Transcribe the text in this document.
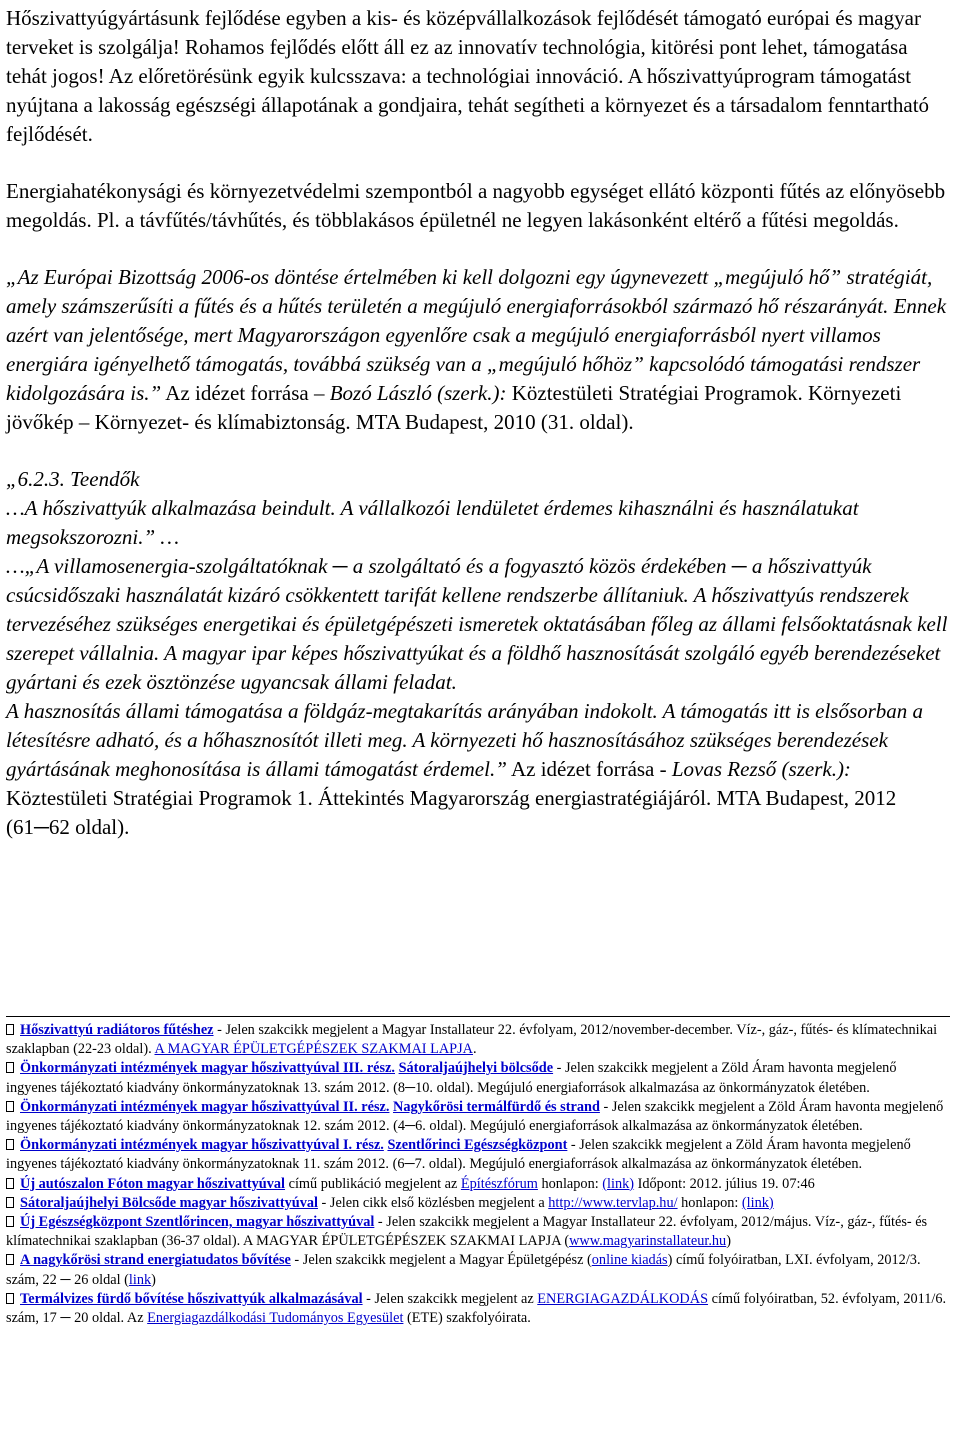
Hőszivattyúgyártásunk fejlődése egyben a kis- és középvállalkozások fejlődését támogató európai és magyar terveket is szolgálja! Rohamos fejlődés előtt áll ez az innovatív technológia, kitörési pont lehet, támogatása tehát jogos! Az előretörésünk egyik kulcsszava: a technológiai innováció. A hőszivattyúprogram támogatást nyújtana a lakosság egészségi állapotának a gondjaira, tehát segítheti a környezet és a társadalom fenntartható fejlődését.

Energiahatékonysági és környezetvédelmi szempontból a nagyobb egységet ellátó központi fűtés az előnyösebb megoldás. Pl. a távfűtés/távhűtés, és többlakásos épületnél ne legyen lakásonként eltérő a fűtési megoldás.

„Az Európai Bizottság 2006-os döntése értelmében ki kell dolgozni egy úgynevezett „megújuló hő” stratégiát, amely számszerűsíti a fűtés és a hűtés területén a megújuló energiaforrásokból származó hő részarányát. Ennek azért van jelentősége, mert Magyarországon egyenlőre csak a megújuló energiaforrásból nyert villamos energiára igényelhető támogatás, továbbá szükség van a „megújuló hőhöz” kapcsolódó támogatási rendszer kidolgozására is.” Az idézet forrása – Bozó László (szerk.): Köztestületi Stratégiai Programok. Környezeti jövőkép – Környezet- és klímabiztonság. MTA Budapest, 2010 (31. oldal).

„6.2.3. Teendők

…A hőszivattyúk alkalmazása beindult. A vállalkozói lendületet érdemes kihasználni és használatukat megsokszorozni.” …

…„A villamosenergia-szolgáltatóknak ─ a szolgáltató és a fogyasztó közös érdekében ─ a hőszivattyúk csúcsidőszaki használatát kizáró csökkentett tarifát kellene rendszerbe állítaniuk. A hőszivattyús rendszerek tervezéséhez szükséges energetikai és épületgépészeti ismeretek oktatásában főleg az állami felsőoktatásnak kell szerepet vállalnia. A magyar ipar képes hőszivattyúkat és a földhő hasznosítását szolgáló egyéb berendezéseket gyártani és ezek ösztönzése ugyancsak állami feladat.

A hasznosítás állami támogatása a földgáz-megtakarítás arányában indokolt. A támogatás itt is elsősorban a létesítésre adható, és a hőhasznosítót illeti meg. A környezeti hő hasznosításához szükséges berendezések gyártásának meghonosítása is állami támogatást érdemel.” Az idézet forrása - Lovas Rezső (szerk.): Köztestületi Stratégiai Programok 1. Áttekintés Magyarország energiastratégiájáról. MTA Budapest, 2012 (61─62 oldal).

Hőszivattyú radiátoros fűtéshez - Jelen szakcikk megjelent a Magyar Installateur 22. évfolyam, 2012/november-december. Víz-, gáz-, fűtés- és klímatechnikai szaklapban (22-23 oldal). A MAGYAR ÉPÜLETGÉPÉSZEK SZAKMAI LAPJA.

Önkormányzati intézmények magyar hőszivattyúval III. rész. Sátoraljaújhelyi bölcsőde - Jelen szakcikk megjelent a Zöld Áram havonta megjelenő ingyenes tájékoztató kiadvány önkormányzatoknak 13. szám 2012. (8─10. oldal). Megújuló energiaforrások alkalmazása az önkormányzatok életében.

Önkormányzati intézmények magyar hőszivattyúval II. rész. Nagykőrösi termálfürdő és strand - Jelen szakcikk megjelent a Zöld Áram havonta megjelenő ingyenes tájékoztató kiadvány önkormányzatoknak 12. szám 2012. (4─6. oldal). Megújuló energiaforrások alkalmazása az önkormányzatok életében.

Önkormányzati intézmények magyar hőszivattyúval I. rész. Szentlőrinci Egészségközpont - Jelen szakcikk megjelent a Zöld Áram havonta megjelenő ingyenes tájékoztató kiadvány önkormányzatoknak 11. szám 2012. (6─7. oldal). Megújuló energiaforrások alkalmazása az önkormányzatok életében.

Új autószalon Fóton magyar hőszivattyúval című publikáció megjelent az Építészfórum honlapon: (link) Időpont: 2012. július 19. 07:46

Sátoraljaújhelyi Bölcsőde magyar hőszivattyúval - Jelen cikk első közlésben megjelent a http://www.tervlap.hu/ honlapon: (link)

Új Egészségközpont Szentlőrincen, magyar hőszivattyúval - Jelen szakcikk megjelent a Magyar Installateur 22. évfolyam, 2012/május. Víz-, gáz-, fűtés- és klímatechnikai szaklapban (36-37 oldal). A MAGYAR ÉPÜLETGÉPÉSZEK SZAKMAI LAPJA (www.magyarinstallateur.hu)

A nagykőrösi strand energiatudatos bővítése - Jelen szakcikk megjelent a Magyar Épületgépész (online kiadás) című folyóiratban, LXI. évfolyam, 2012/3. szám, 22 ─ 26 oldal (link)

Termálvizes fürdő bővítése hőszivattyúk alkalmazásával - Jelen szakcikk megjelent az ENERGIAGAZDÁLKODÁS című folyóiratban, 52. évfolyam, 2011/6. szám, 17 ─ 20 oldal. Az Energiagazdálkodási Tudományos Egyesület (ETE) szakfolyóirata.
